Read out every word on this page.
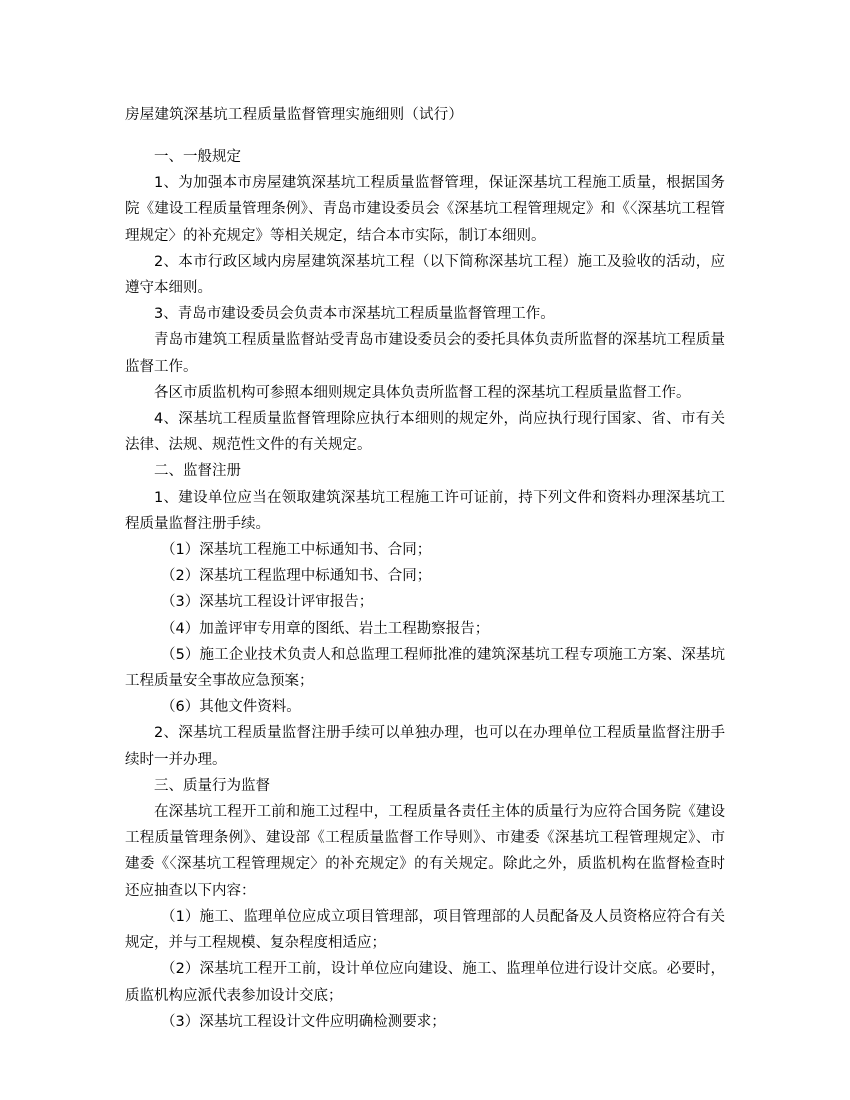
房屋建筑深基坑工程质量监督管理实施细则（试行）

一、一般规定

1、为加强本市房屋建筑深基坑工程质量监督管理，保证深基坑工程施工质量，根据国务院《建设工程质量管理条例》、青岛市建设委员会《深基坑工程管理规定》和《〈深基坑工程管理规定〉的补充规定》等相关规定，结合本市实际，制订本细则。

2、本市行政区域内房屋建筑深基坑工程（以下简称深基坑工程）施工及验收的活动，应遵守本细则。

3、青岛市建设委员会负责本市深基坑工程质量监督管理工作。

青岛市建筑工程质量监督站受青岛市建设委员会的委托具体负责所监督的深基坑工程质量监督工作。

各区市质监机构可参照本细则规定具体负责所监督工程的深基坑工程质量监督工作。

4、深基坑工程质量监督管理除应执行本细则的规定外，尚应执行现行国家、省、市有关法律、法规、规范性文件的有关规定。

二、监督注册

1、建设单位应当在领取建筑深基坑工程施工许可证前，持下列文件和资料办理深基坑工程质量监督注册手续。

（1）深基坑工程施工中标通知书、合同；

（2）深基坑工程监理中标通知书、合同；

（3）深基坑工程设计评审报告；

（4）加盖评审专用章的图纸、岩土工程勘察报告；

（5）施工企业技术负责人和总监理工程师批准的建筑深基坑工程专项施工方案、深基坑工程质量安全事故应急预案；

（6）其他文件资料。

2、深基坑工程质量监督注册手续可以单独办理，也可以在办理单位工程质量监督注册手续时一并办理。

三、质量行为监督

在深基坑工程开工前和施工过程中，工程质量各责任主体的质量行为应符合国务院《建设工程质量管理条例》、建设部《工程质量监督工作导则》、市建委《深基坑工程管理规定》、市建委《〈深基坑工程管理规定〉的补充规定》的有关规定。除此之外，质监机构在监督检查时还应抽查以下内容：

（1）施工、监理单位应成立项目管理部，项目管理部的人员配备及人员资格应符合有关规定，并与工程规模、复杂程度相适应；

（2）深基坑工程开工前，设计单位应向建设、施工、监理单位进行设计交底。必要时，质监机构应派代表参加设计交底；

（3）深基坑工程设计文件应明确检测要求；
